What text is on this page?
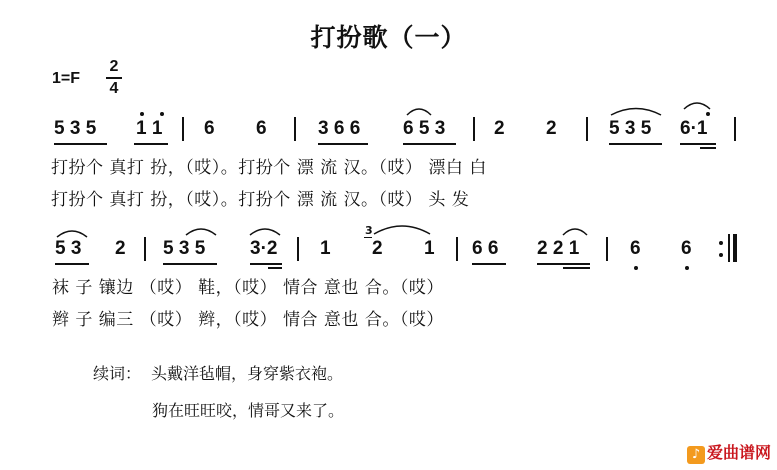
打扮歌（一）
1=F
2
4
5 3 5 1 1 6 6	3 6 6 6 5 3	2 2	5 3 5 6·1
打扮个 真打 扮，（哎）。打扮个 漂 流 汉。（哎） 漂白 白
打扮个 真打 扮，（哎）。打扮个 漂 流 汉。（哎） 头 发
5 3 2 5 3 5 3·2 1
3
2 1 6 6 2 2 1	6 6
袜 子 镶边 （哎） 鞋，（哎） 情合 意也 合。（哎）
辫 子 编三 （哎） 辫，（哎） 情合 意也 合。（哎）
续词： 头戴洋毡帽，身穿紫衣袍。
狗在旺旺咬，情哥又来了。
♪ 爱曲谱网
